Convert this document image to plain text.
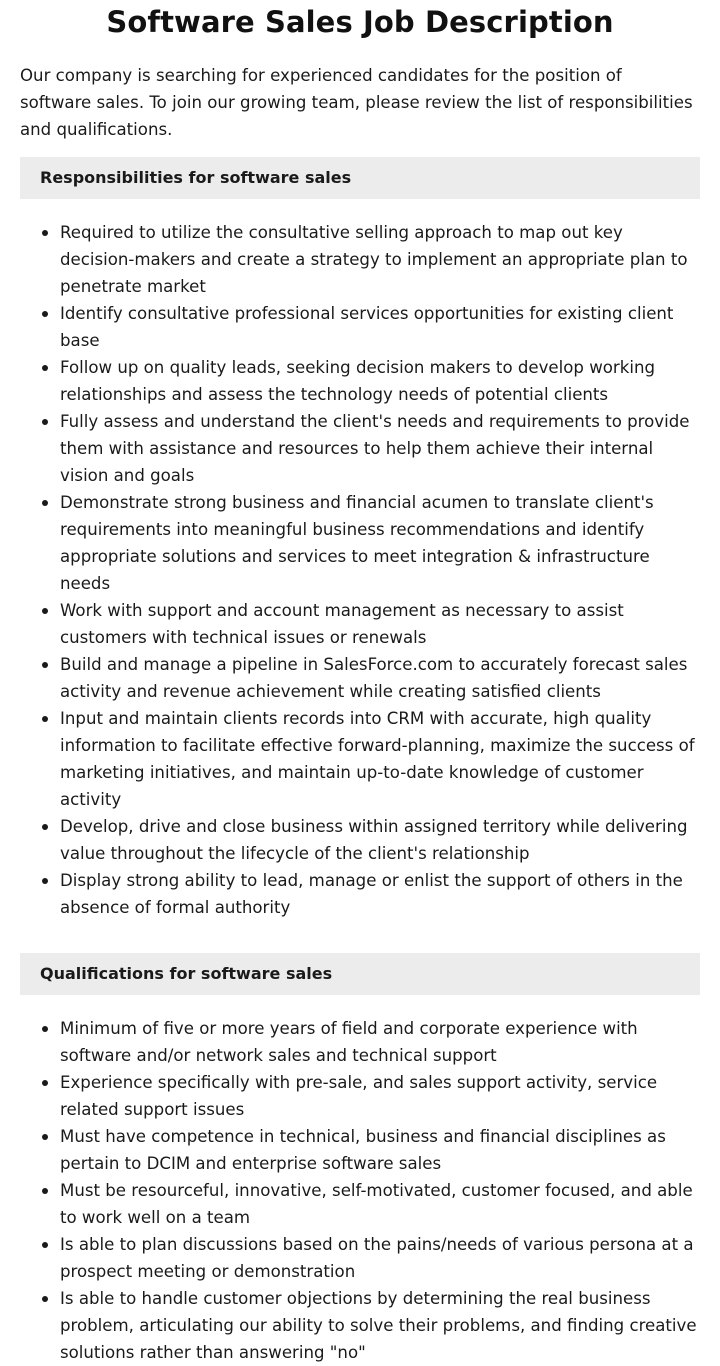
Software Sales Job Description

Our company is searching for experienced candidates for the position of software sales. To join our growing team, please review the list of responsibilities and qualifications.

Responsibilities for software sales
Required to utilize the consultative selling approach to map out key decision-makers and create a strategy to implement an appropriate plan to penetrate market
Identify consultative professional services opportunities for existing client base
Follow up on quality leads, seeking decision makers to develop working relationships and assess the technology needs of potential clients
Fully assess and understand the client's needs and requirements to provide them with assistance and resources to help them achieve their internal vision and goals
Demonstrate strong business and financial acumen to translate client's requirements into meaningful business recommendations and identify appropriate solutions and services to meet integration & infrastructure needs
Work with support and account management as necessary to assist customers with technical issues or renewals
Build and manage a pipeline in SalesForce.com to accurately forecast sales activity and revenue achievement while creating satisfied clients
Input and maintain clients records into CRM with accurate, high quality information to facilitate effective forward-planning, maximize the success of marketing initiatives, and maintain up-to-date knowledge of customer activity
Develop, drive and close business within assigned territory while delivering value throughout the lifecycle of the client's relationship
Display strong ability to lead, manage or enlist the support of others in the absence of formal authority
Qualifications for software sales
Minimum of five or more years of field and corporate experience with software and/or network sales and technical support
Experience specifically with pre-sale, and sales support activity, service related support issues
Must have competence in technical, business and financial disciplines as pertain to DCIM and enterprise software sales
Must be resourceful, innovative, self-motivated, customer focused, and able to work well on a team
Is able to plan discussions based on the pains/needs of various persona at a prospect meeting or demonstration
Is able to handle customer objections by determining the real business problem, articulating our ability to solve their problems, and finding creative solutions rather than answering "no"
